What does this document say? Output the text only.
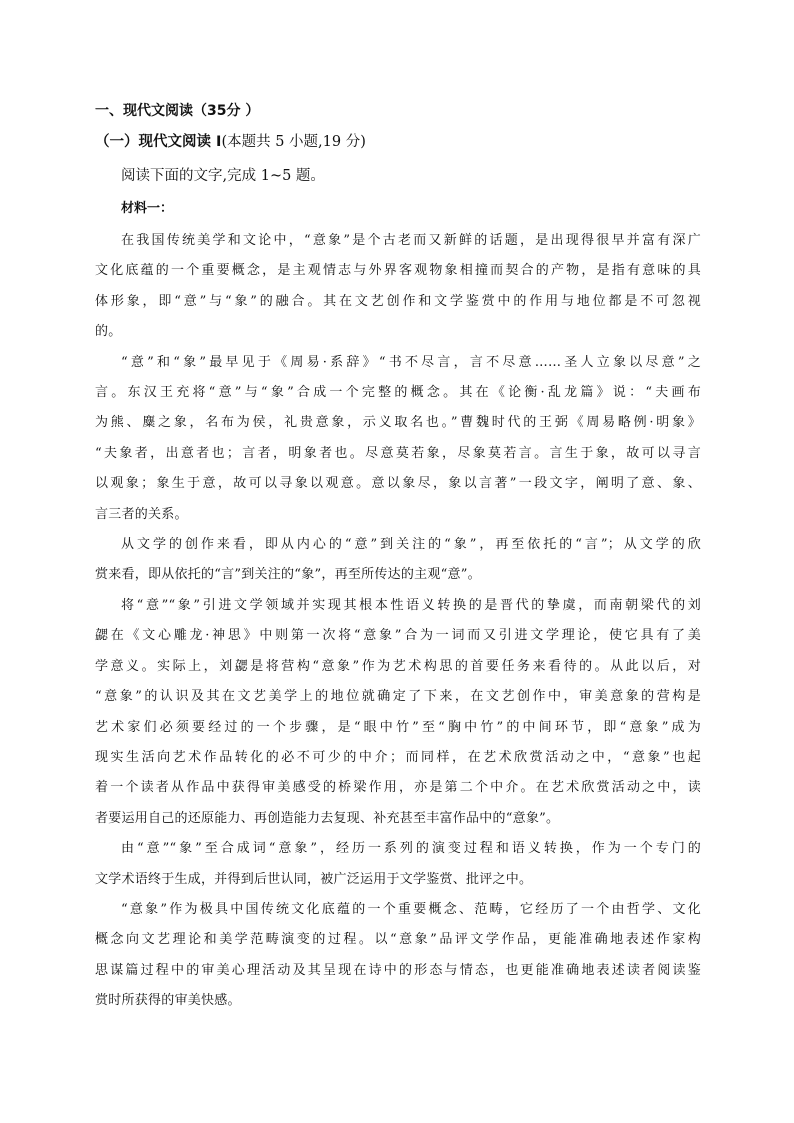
一、现代文阅读（35分 ）
（一）现代文阅读 I(本题共 5 小题,19 分)
阅读下面的文字,完成 1~5 题。
材料一：

在我国传统美学和文论中，“意象”是个古老而又新鲜的话题，是出现得很早并富有深广
文化底蕴的一个重要概念，是主观情志与外界客观物象相撞而契合的产物，是指有意味的具
体形象，即“意”与“象”的融合。其在文艺创作和文学鉴赏中的作用与地位都是不可忽视
的。

“意”和“象”最早见于《周易·系辞》“书不尽言，言不尽意……圣人立象以尽意”之
言。东汉王充将“意”与“象”合成一个完整的概念。其在《论衡·乱龙篇》说：“夫画布
为熊、麋之象，名布为侯，礼贵意象，示义取名也。”曹魏时代的王弼《周易略例·明象》
“夫象者，出意者也；言者，明象者也。尽意莫若象，尽象莫若言。言生于象，故可以寻言
以观象；象生于意，故可以寻象以观意。意以象尽，象以言著”一段文字，阐明了意、象、
言三者的关系。

从文学的创作来看，即从内心的“意”到关注的“象”，再至依托的“言”；从文学的欣
赏来看，即从依托的“言”到关注的“象”，再至所传达的主观“意”。

将“意”“象”引进文学领域并实现其根本性语义转换的是晋代的挚虞，而南朝梁代的刘
勰在《文心雕龙·神思》中则第一次将“意象”合为一词而又引进文学理论，使它具有了美
学意义。实际上，刘勰是将营构“意象”作为艺术构思的首要任务来看待的。从此以后，对
“意象”的认识及其在文艺美学上的地位就确定了下来，在文艺创作中，审美意象的营构是
艺术家们必须要经过的一个步骤，是“眼中竹”至“胸中竹”的中间环节，即“意象”成为
现实生活向艺术作品转化的必不可少的中介；而同样，在艺术欣赏活动之中，“意象”也起
着一个读者从作品中获得审美感受的桥梁作用，亦是第二个中介。在艺术欣赏活动之中，读
者要运用自己的还原能力、再创造能力去复现、补充甚至丰富作品中的“意象”。

由“意”“象”至合成词“意象”，经历一系列的演变过程和语义转换，作为一个专门的
文学术语终于生成，并得到后世认同，被广泛运用于文学鉴赏、批评之中。

“意象”作为极具中国传统文化底蕴的一个重要概念、范畴，它经历了一个由哲学、文化
概念向文艺理论和美学范畴演变的过程。以“意象”品评文学作品，更能准确地表述作家构
思谋篇过程中的审美心理活动及其呈现在诗中的形态与情态，也更能准确地表述读者阅读鉴
赏时所获得的审美快感。
